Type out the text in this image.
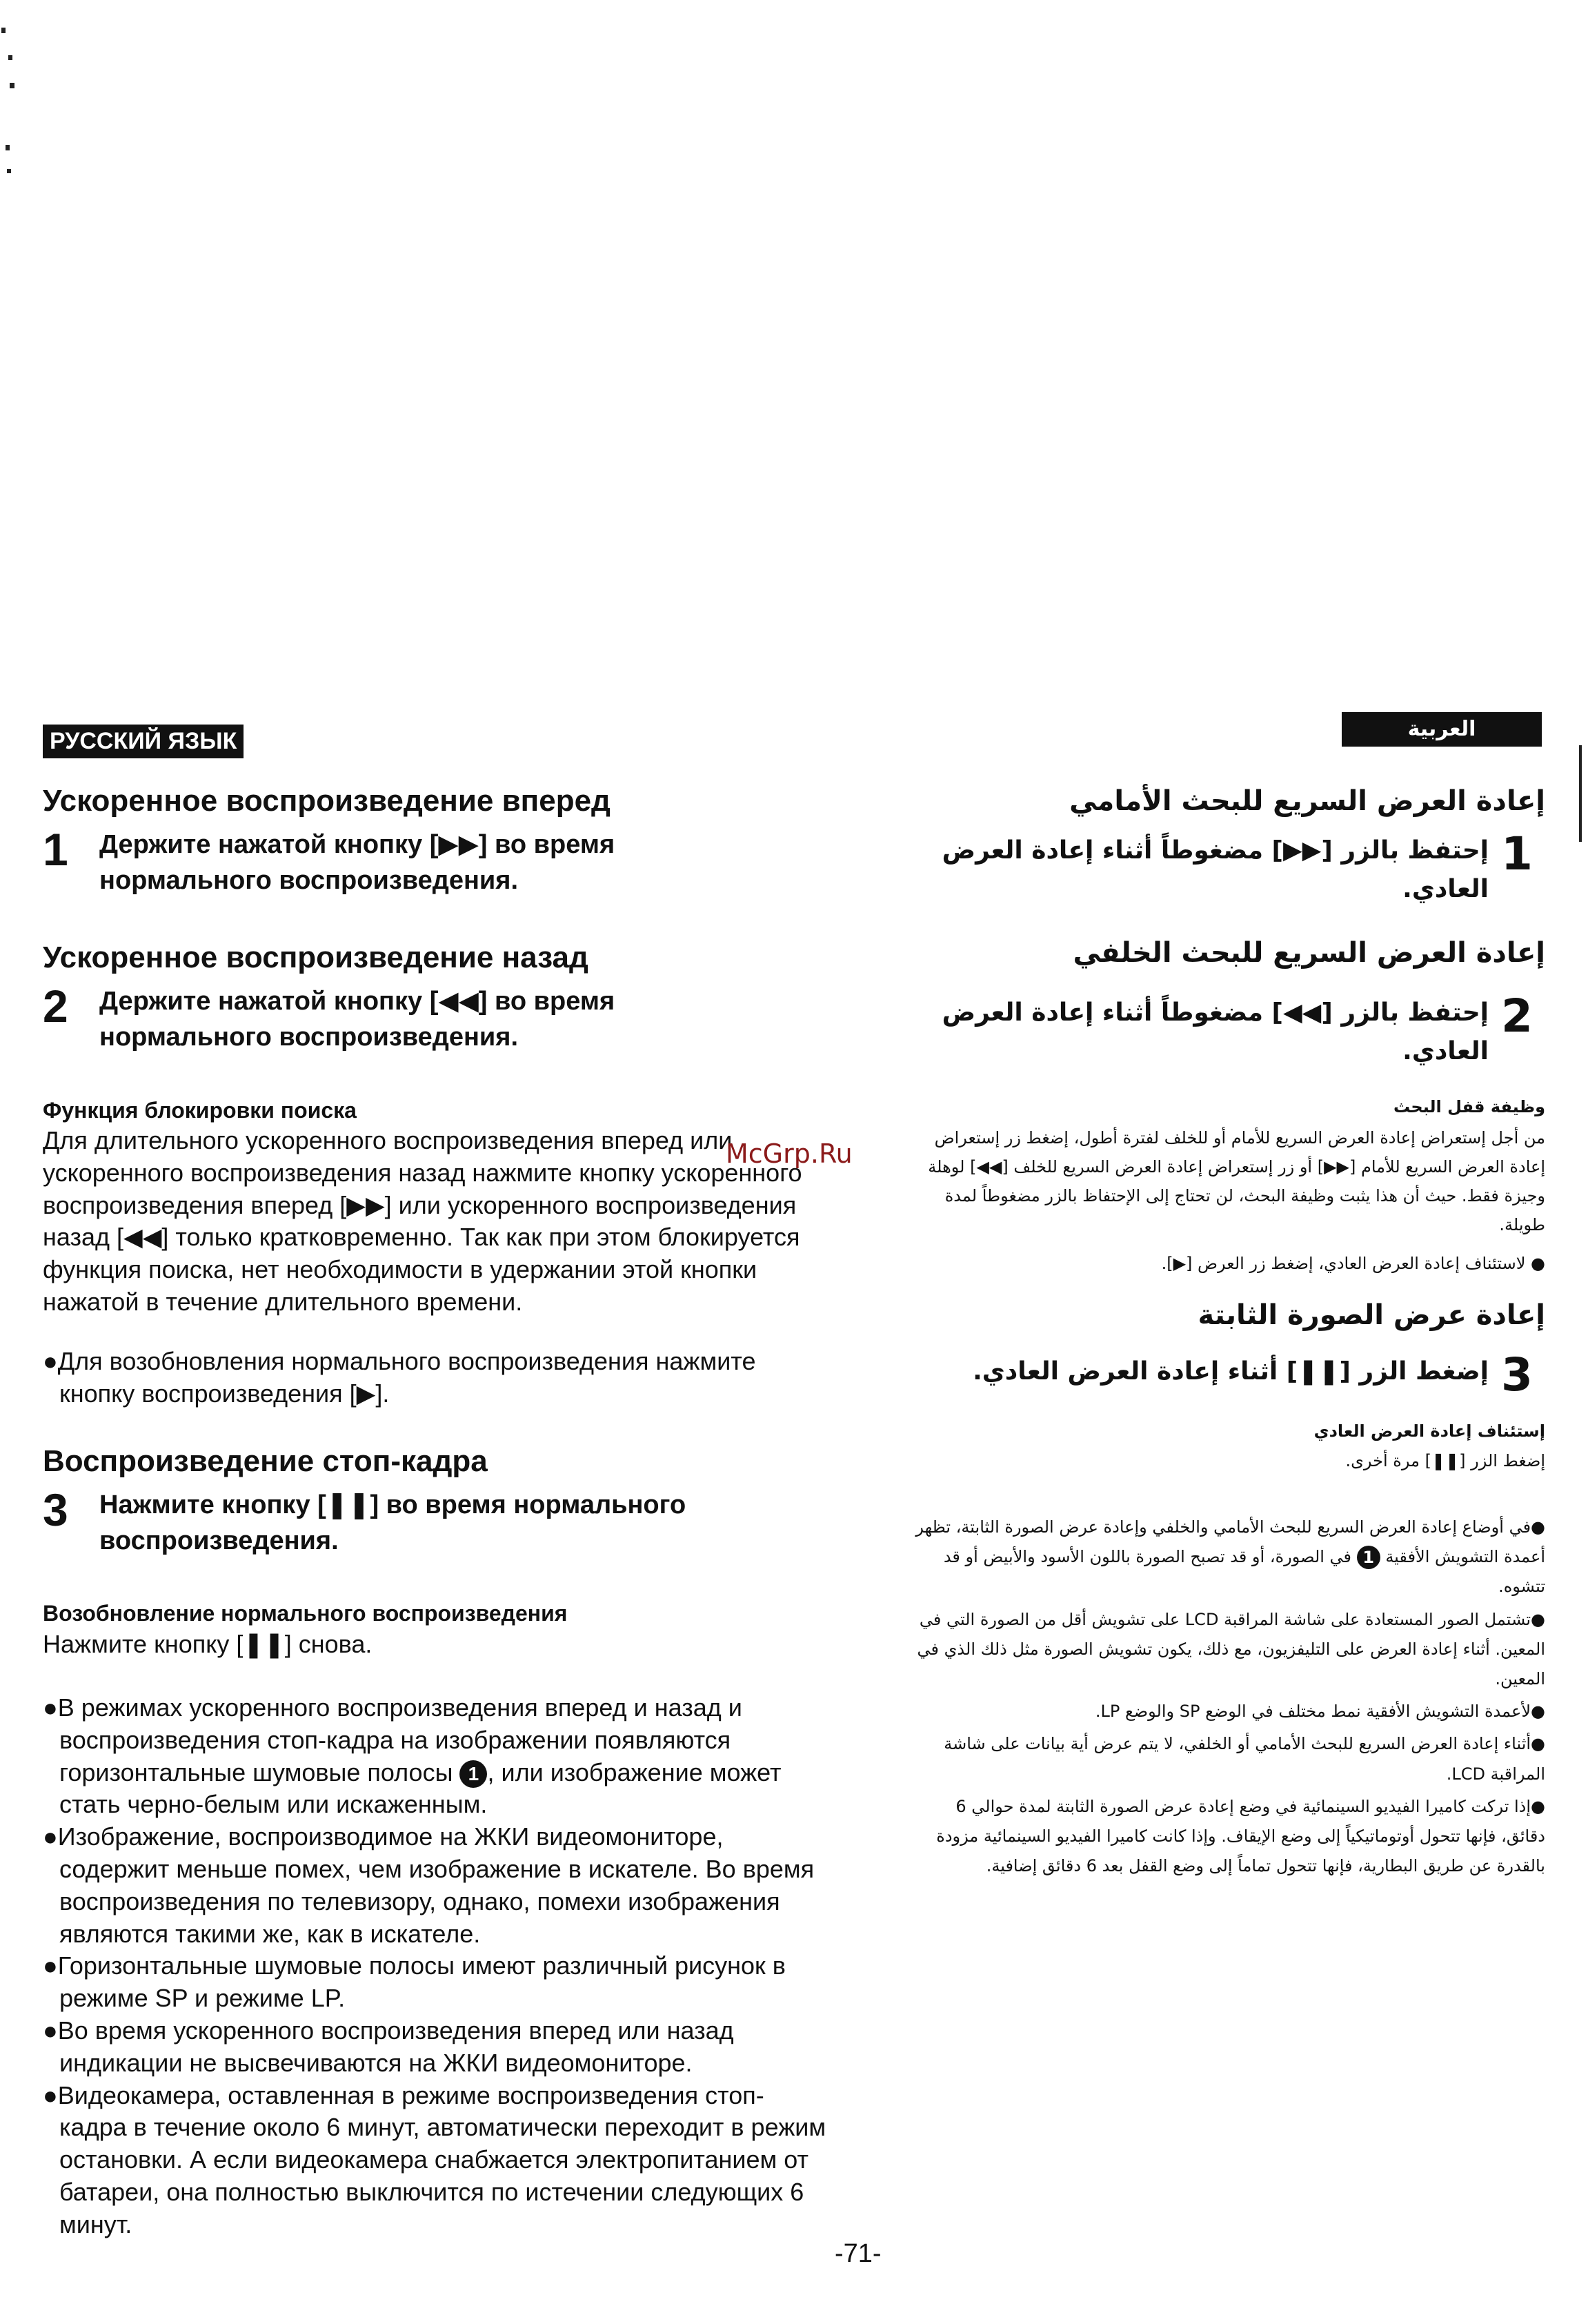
РУССКИЙ ЯЗЫК
Ускоренное воспроизведение вперед
1	Держите нажатой кнопку [▶▶] во время нормального воспроизведения.
Ускоренное воспроизведение назад
2	Держите нажатой кнопку [◀◀] во время нормального воспроизведения.
Функция блокировки поиска
Для длительного ускоренного воспроизведения вперед или ускоренного воспроизведения назад нажмите кнопку ускоренного воспроизведения вперед [▶▶] или ускоренного воспроизведения назад [◀◀] только кратковременно. Так как при этом блокируется функция поиска, нет необходимости в удержании этой кнопки нажатой в течение длительного времени.

●Для возобновления нормального воспроизведения нажмите кнопку воспроизведения [▶].

Воспроизведение стоп-кадра
3	Нажмите кнопку [❚❚] во время нормального воспроизведения.
Возобновление нормального воспроизведения
Нажмите кнопку [❚❚] снова.

●В режимах ускоренного воспроизведения вперед и назад и воспроизведения стоп-кадра на изображении появляются горизонтальные шумовые полосы 1 , или изображение может стать черно-белым или искаженным.

●Изображение, воспроизводимое на ЖКИ видеомониторе, содержит меньше помех, чем изображение в искателе. Во время воспроизведения по телевизору, однако, помехи изображения являются такими же, как в искателе.

●Горизонтальные шумовые полосы имеют различный рисунок в режиме SP и режиме LP.

●Во время ускоренного воспроизведения вперед или назад индикации не высвечиваются на ЖКИ видеомониторе.

●Видеокамера, оставленная в режиме воспроизведения стоп-кадра в течение около 6 минут, автоматически переходит в режим остановки. А если видеокамера снабжается электропитанием от батареи, она полностью выключится по истечении следующих 6 минут.

McGrp.Ru
العربية
إعادة العرض السريع للبحث الأمامي
1
إحتفظ بالزر [▶▶] مضغوطاً أثناء إعادة العرض العادي.
إعادة العرض السريع للبحث الخلفي
2
إحتفظ بالزر [◀◀] مضغوطاً أثناء إعادة العرض العادي.
وظيفة قفل البحث
من أجل إستعراض إعادة العرض السريع للأمام أو للخلف لفترة أطول، إضغط زر إستعراض إعادة العرض السريع للأمام [▶▶] أو زر إستعراض إعادة العرض السريع للخلف [◀◀] لوهلة وجيزة فقط. حيث أن هذا يثبت وظيفة البحث، لن تحتاج إلى الإحتفاظ بالزر مضغوطاً لمدة طويلة.
● لاستئناف إعادة العرض العادي، إضغط زر العرض [▶].
إعادة عرض الصورة الثابتة
3
إضغط الزر [❚❚] أثناء إعادة العرض العادي.
إستئناف إعادة العرض العادي
إضغط الزر [❚❚] مرة أخرى.

●في أوضاع إعادة العرض السريع للبحث الأمامي والخلفي وإعادة عرض الصورة الثابتة، تظهر أعمدة التشويش الأفقية 1 في الصورة، أو قد تصبح الصورة باللون الأسود والأبيض أو قد تتشوه.

●تشتمل الصور المستعادة على شاشة المراقبة LCD على تشويش أقل من الصورة التي في المعين. أثناء إعادة العرض على التليفزيون، مع ذلك، يكون تشويش الصورة مثل ذلك الذي في المعين.

●لأعمدة التشويش الأفقية نمط مختلف في الوضع SP والوضع LP.

●أثناء إعادة العرض السريع للبحث الأمامي أو الخلفي، لا يتم عرض أية بيانات على شاشة المراقبة LCD.

●إذا تركت كاميرا الفيديو السينمائية في وضع إعادة عرض الصورة الثابتة لمدة حوالي 6 دقائق، فإنها تتحول أوتوماتيكياً إلى وضع الإيقاف. وإذا كانت كاميرا الفيديو السينمائية مزودة بالقدرة عن طريق البطارية، فإنها تتحول تماماً إلى وضع القفل بعد 6 دقائق إضافية.

-71-
